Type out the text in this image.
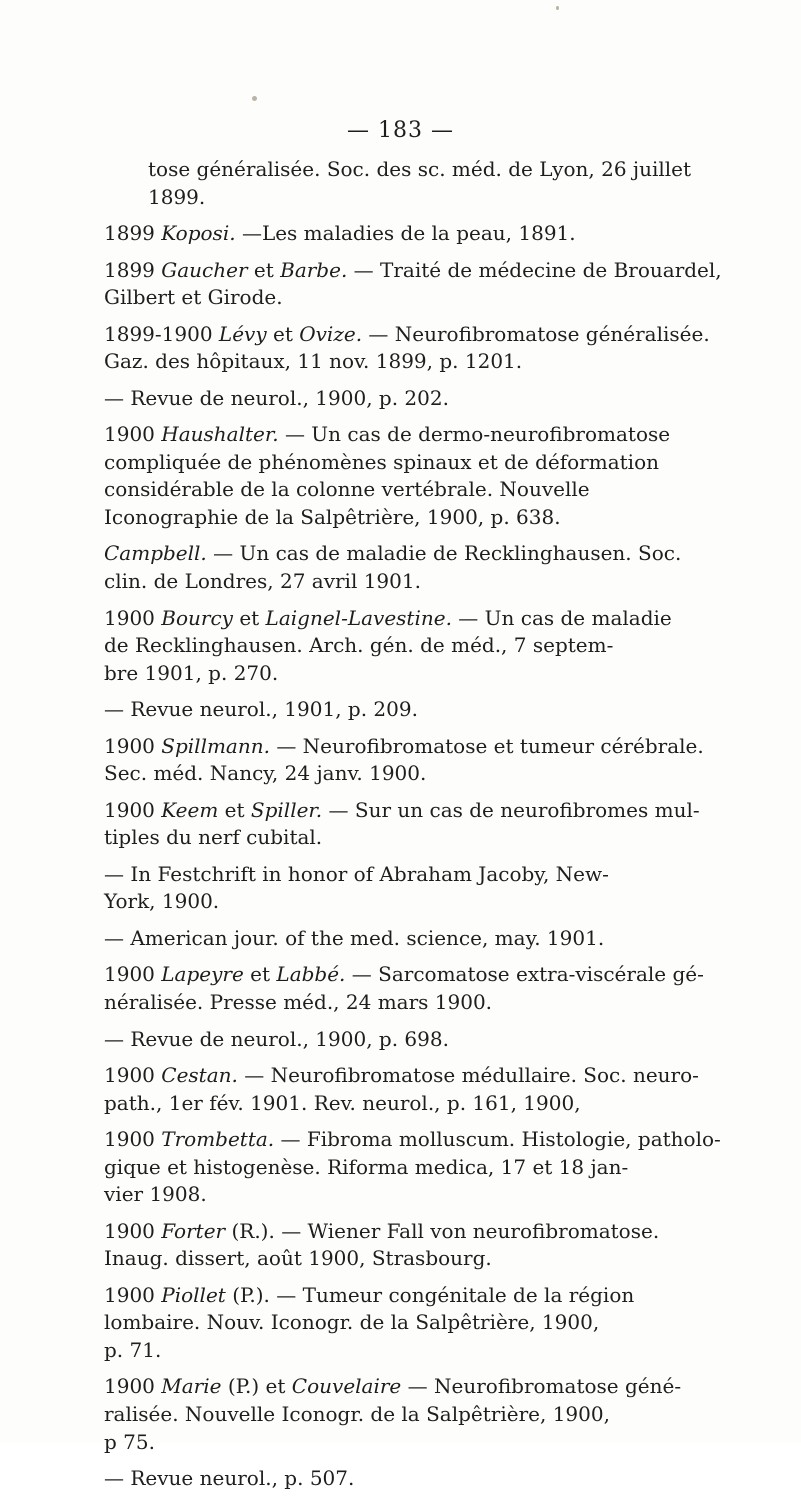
— 183 —
tose généralisée. Soc. des sc. méd. de Lyon, 26 juillet
1899.
1899 Koposi. —Les maladies de la peau, 1891.
1899 Gaucher et Barbe. — Traité de médecine de Brouardel,
Gilbert et Girode.
1899-1900 Lévy et Ovize. — Neurofibromatose généralisée.
Gaz. des hôpitaux, 11 nov. 1899, p. 1201.
— Revue de neurol., 1900, p. 202.
1900 Haushalter. — Un cas de dermo-neurofibromatose
compliquée de phénomènes spinaux et de déformation
considérable de la colonne vertébrale. Nouvelle
Iconographie de la Salpêtrière, 1900, p. 638.
Campbell. — Un cas de maladie de Recklinghausen. Soc.
clin. de Londres, 27 avril 1901.
1900 Bourcy et Laignel-Lavestine. — Un cas de maladie
de Recklinghausen. Arch. gén. de méd., 7 septem-
bre 1901, p. 270.
— Revue neurol., 1901, p. 209.
1900 Spillmann. — Neurofibromatose et tumeur cérébrale.
Sec. méd. Nancy, 24 janv. 1900.
1900 Keem et Spiller. — Sur un cas de neurofibromes mul-
tiples du nerf cubital.
— In Festchrift in honor of Abraham Jacoby, New-
York, 1900.
— American jour. of the med. science, may. 1901.
1900 Lapeyre et Labbé. — Sarcomatose extra-viscérale gé-
néralisée. Presse méd., 24 mars 1900.
— Revue de neurol., 1900, p. 698.
1900 Cestan. — Neurofibromatose médullaire. Soc. neuro-
path., 1er fév. 1901. Rev. neurol., p. 161, 1900,
1900 Trombetta. — Fibroma molluscum. Histologie, patholo-
gique et histogenèse. Riforma medica, 17 et 18 jan-
vier 1908.
1900 Forter (R.). — Wiener Fall von neurofibromatose.
Inaug. dissert, août 1900, Strasbourg.
1900 Piollet (P.). — Tumeur congénitale de la région
lombaire. Nouv. Iconogr. de la Salpêtrière, 1900,
p. 71.
1900 Marie (P.) et Couvelaire — Neurofibromatose géné-
ralisée. Nouvelle Iconogr. de la Salpêtrière, 1900,
p 75.
— Revue neurol., p. 507.
